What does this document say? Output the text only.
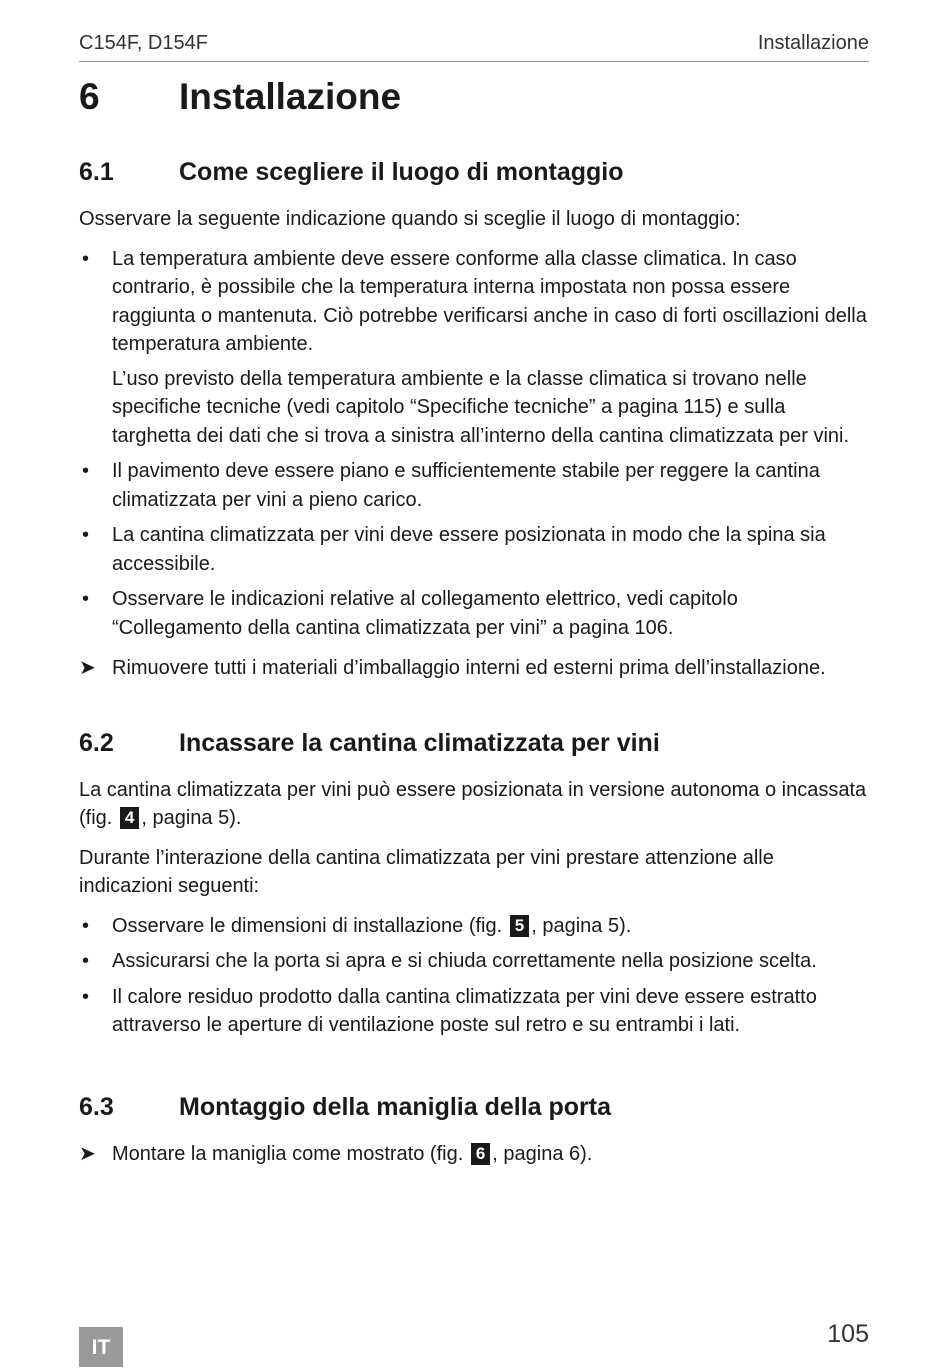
C154F, D154F	Installazione
6	Installazione
6.1	Come scegliere il luogo di montaggio

Osservare la seguente indicazione quando si sceglie il luogo di montaggio:

• La temperatura ambiente deve essere conforme alla classe climatica. In caso contrario, è possibile che la temperatura interna impostata non possa essere raggiunta o mantenuta. Ciò potrebbe verificarsi anche in caso di forti oscillazioni della temperatura ambiente.
L’uso previsto della temperatura ambiente e la classe climatica si trovano nelle specifiche tecniche (vedi capitolo “Specifiche tecniche” a pagina 115) e sulla targhetta dei dati che si trova a sinistra all’interno della cantina climatizzata per vini.
• Il pavimento deve essere piano e sufficientemente stabile per reggere la cantina climatizzata per vini a pieno carico.
• La cantina climatizzata per vini deve essere posizionata in modo che la spina sia accessibile.
• Osservare le indicazioni relative al collegamento elettrico, vedi capitolo “Collegamento della cantina climatizzata per vini” a pagina 106.
➤ Rimuovere tutti i materiali d’imballaggio interni ed esterni prima dell’installazione.
6.2	Incassare la cantina climatizzata per vini

La cantina climatizzata per vini può essere posizionata in versione autonoma o incassata (fig. 4 , pagina 5).

Durante l’interazione della cantina climatizzata per vini prestare attenzione alle indicazioni seguenti:

• Osservare le dimensioni di installazione (fig. 5 , pagina 5).
• Assicurarsi che la porta si apra e si chiuda correttamente nella posizione scelta.
• Il calore residuo prodotto dalla cantina climatizzata per vini deve essere estratto attraverso le aperture di ventilazione poste sul retro e su entrambi i lati.
6.3	Montaggio della maniglia della porta
➤ Montare la maniglia come mostrato (fig. 6 , pagina 6).
IT	105
